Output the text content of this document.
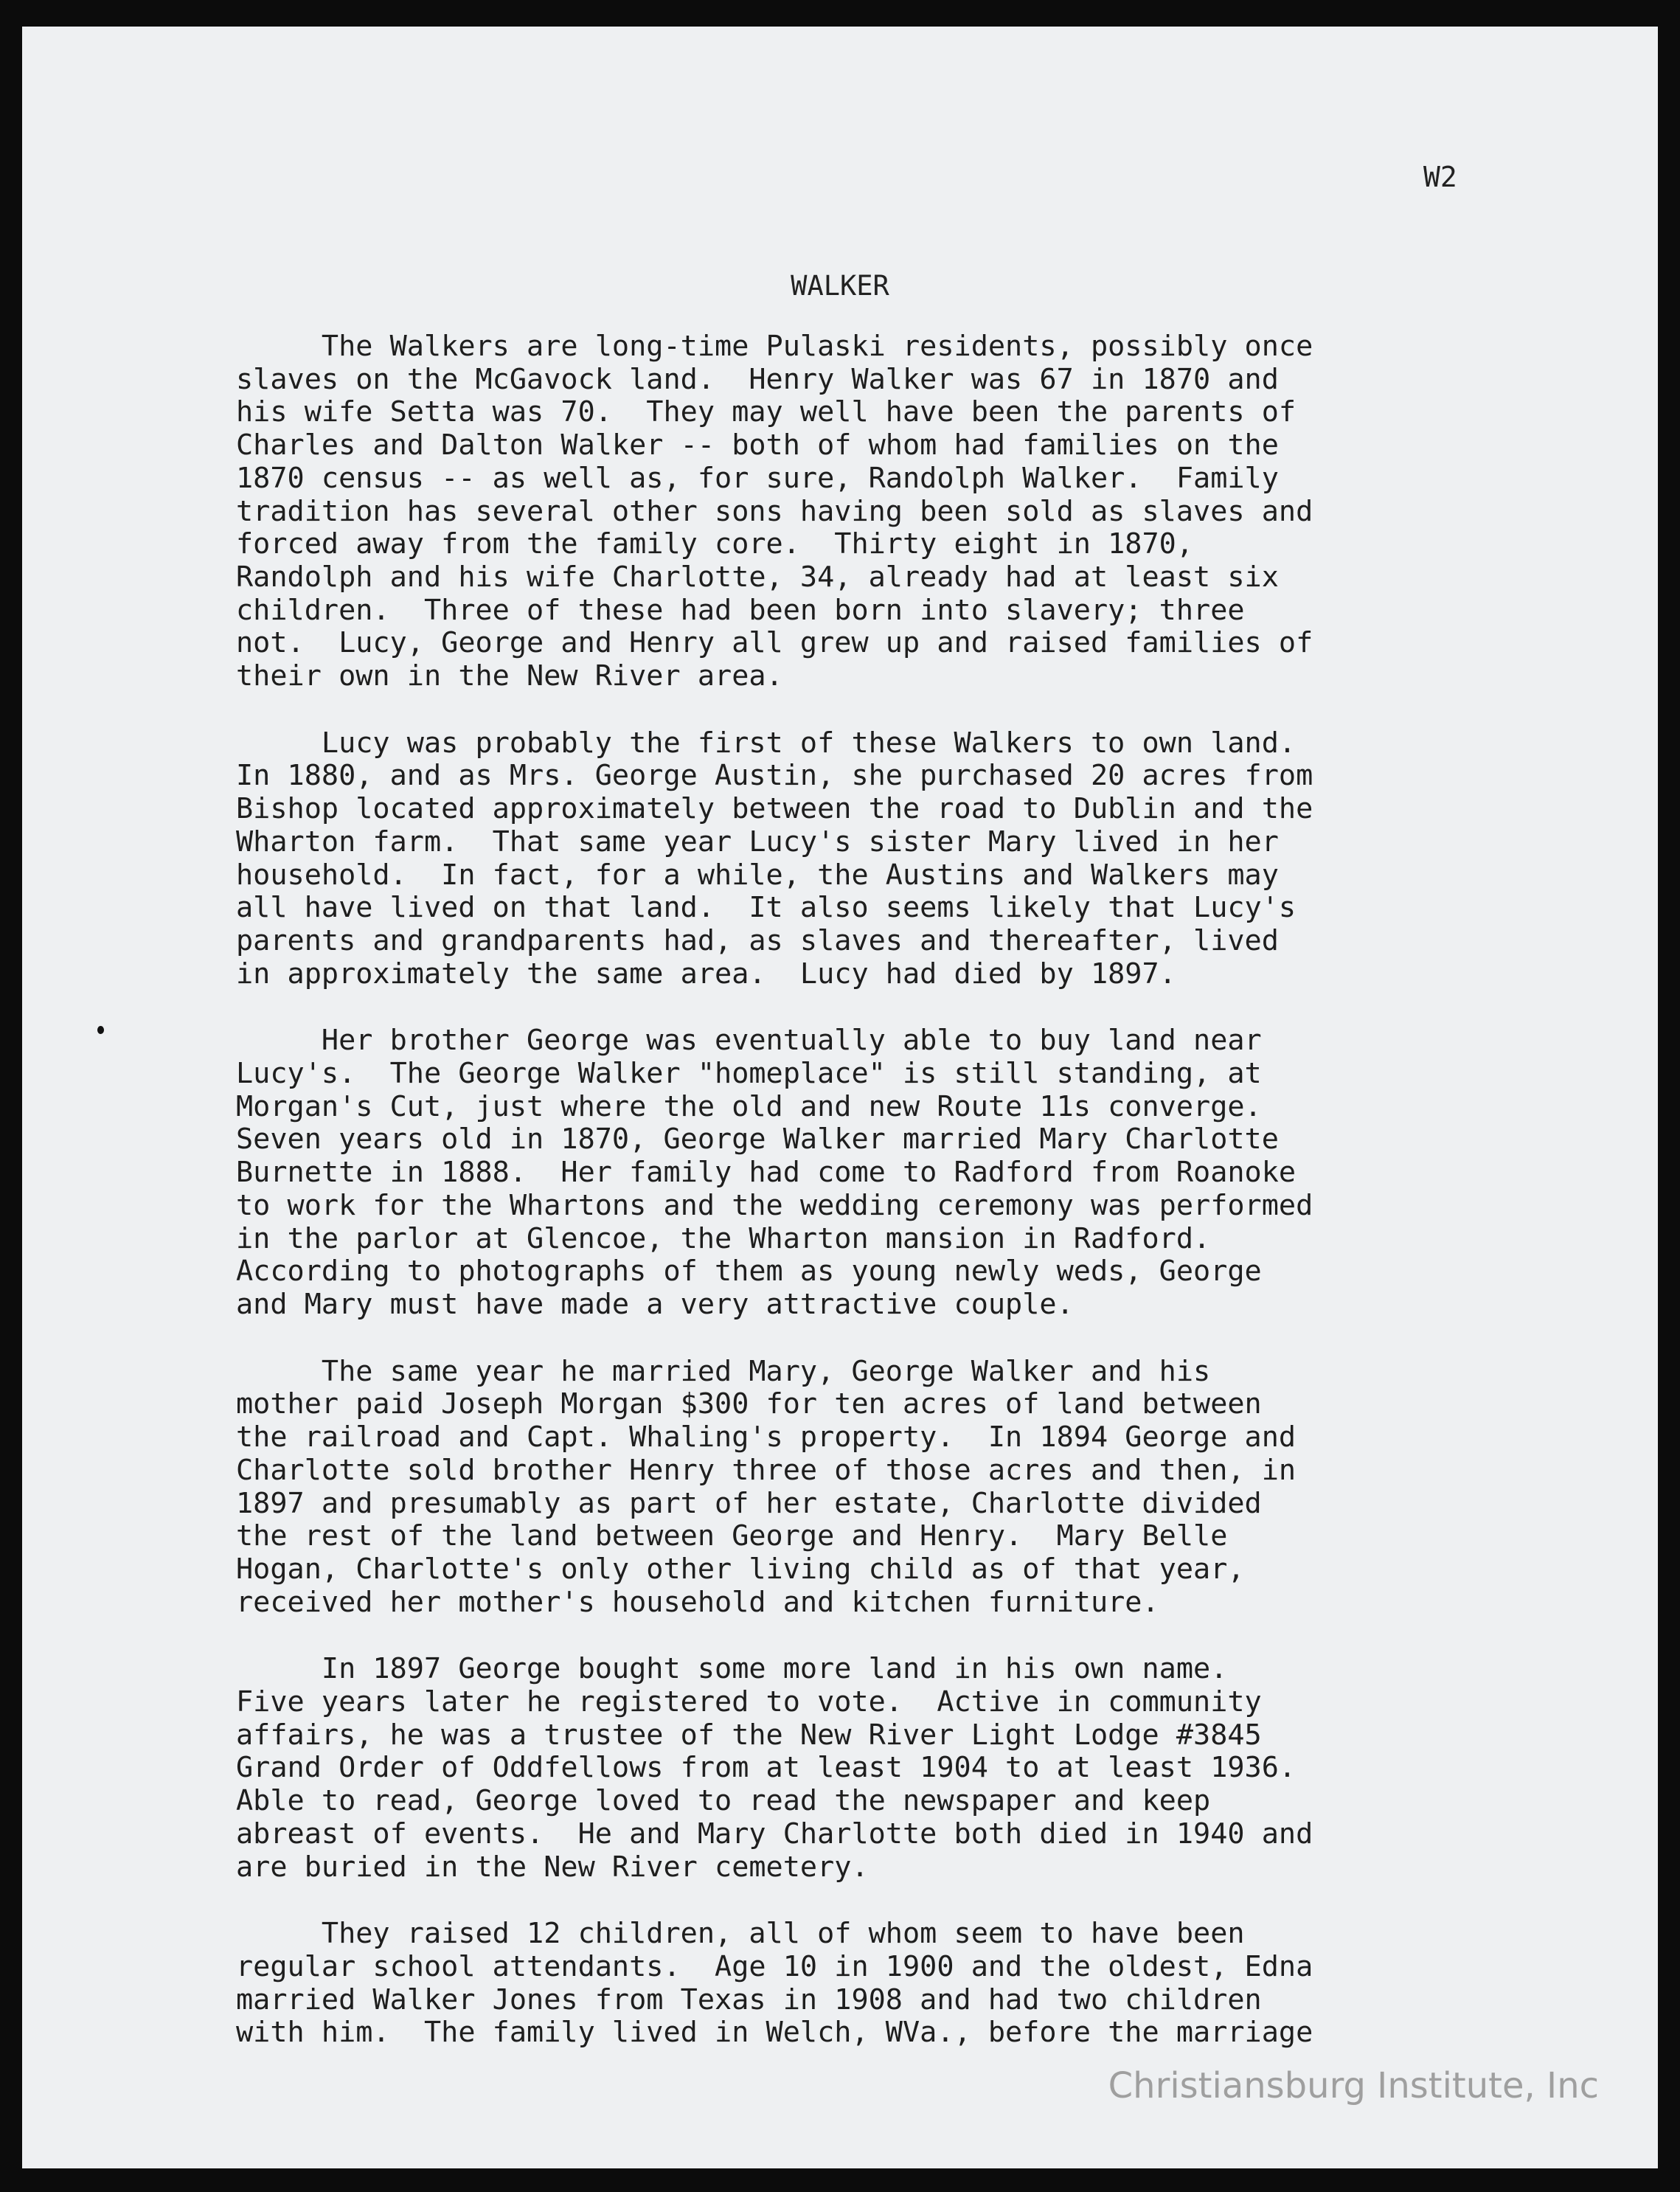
W2
WALKER

The Walkers are long-time Pulaski residents, possibly once
slaves on the McGavock land.  Henry Walker was 67 in 1870 and
his wife Setta was 70.  They may well have been the parents of
Charles and Dalton Walker -- both of whom had families on the
1870 census -- as well as, for sure, Randolph Walker.  Family
tradition has several other sons having been sold as slaves and
forced away from the family core.  Thirty eight in 1870,
Randolph and his wife Charlotte, 34, already had at least six
children.  Three of these had been born into slavery; three
not.  Lucy, George and Henry all grew up and raised families of
their own in the New River area.

Lucy was probably the first of these Walkers to own land.
In 1880, and as Mrs. George Austin, she purchased 20 acres from
Bishop located approximately between the road to Dublin and the
Wharton farm.  That same year Lucy's sister Mary lived in her
household.  In fact, for a while, the Austins and Walkers may
all have lived on that land.  It also seems likely that Lucy's
parents and grandparents had, as slaves and thereafter, lived
in approximately the same area.  Lucy had died by 1897.

Her brother George was eventually able to buy land near
Lucy's.  The George Walker "homeplace" is still standing, at
Morgan's Cut, just where the old and new Route 11s converge.
Seven years old in 1870, George Walker married Mary Charlotte
Burnette in 1888.  Her family had come to Radford from Roanoke
to work for the Whartons and the wedding ceremony was performed
in the parlor at Glencoe, the Wharton mansion in Radford.
According to photographs of them as young newly weds, George
and Mary must have made a very attractive couple.

The same year he married Mary, George Walker and his
mother paid Joseph Morgan $300 for ten acres of land between
the railroad and Capt. Whaling's property.  In 1894 George and
Charlotte sold brother Henry three of those acres and then, in
1897 and presumably as part of her estate, Charlotte divided
the rest of the land between George and Henry.  Mary Belle
Hogan, Charlotte's only other living child as of that year,
received her mother's household and kitchen furniture.

In 1897 George bought some more land in his own name.
Five years later he registered to vote.  Active in community
affairs, he was a trustee of the New River Light Lodge #3845
Grand Order of Oddfellows from at least 1904 to at least 1936.
Able to read, George loved to read the newspaper and keep
abreast of events.  He and Mary Charlotte both died in 1940 and
are buried in the New River cemetery.

They raised 12 children, all of whom seem to have been
regular school attendants.  Age 10 in 1900 and the oldest, Edna
married Walker Jones from Texas in 1908 and had two children
with him.  The family lived in Welch, WVa., before the marriage

Christiansburg Institute, Inc
